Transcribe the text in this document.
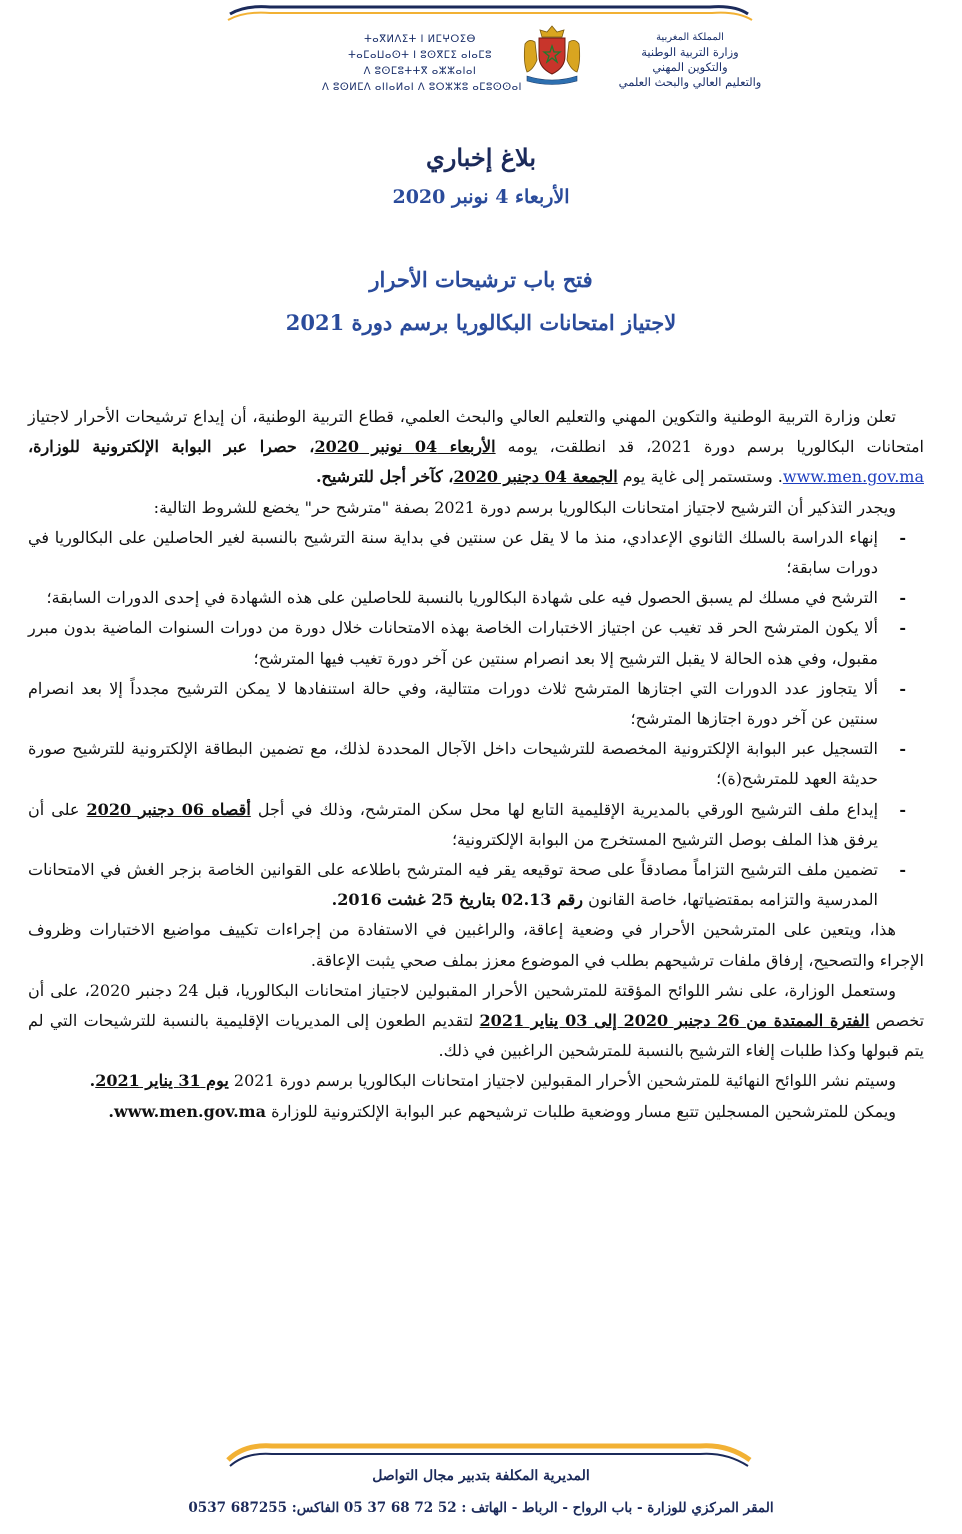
ⵜⴰⴳⵍⴷⵉⵜ ⵏ ⵍⵎⵖⵔⵉⴱ
ⵜⴰⵎⴰⵡⴰⵙⵜ ⵏ ⵓⵙⴳⵎⵉ ⴰⵏⴰⵎⵓ
ⴷ ⵓⵙⵎⵓⵜⵜⴳ ⴰⵣⵣⴰⵏⴰⵏ
ⴷ ⵓⵙⵍⵎⴷ ⴰⵏⵏⴰⵍⴰⵏ ⴷ ⵓⵔⵣⵣⵓ ⴰⵎⵓⵙⵙⴰⵏ
المملكة المغربية
وزارة التربية الوطنية
والتكوين المهني
والتعليم العالي والبحث العلمي
بلاغ إخباري
الأربعاء 4 نونبر 2020
فتح باب ترشيحات الأحرار
لاجتياز امتحانات البكالوريا برسم دورة 2021

تعلن وزارة التربية الوطنية والتكوين المهني والتعليم العالي والبحث العلمي، قطاع التربية الوطنية، أن إيداع ترشيحات الأحرار لاجتياز امتحانات البكالوريا برسم دورة 2021، قد انطلقت، يومه الأربعاء 04 نونبر 2020، حصرا عبر البوابة الإلكترونية للوزارة، www.men.gov.ma. وستستمر إلى غاية يوم الجمعة 04 دجنبر 2020، كآخر أجل للترشيح.

ويجدر التذكير أن الترشيح لاجتياز امتحانات البكالوريا برسم دورة 2021 بصفة "مترشح حر" يخضع للشروط التالية:

- إنهاء الدراسة بالسلك الثانوي الإعدادي، منذ ما لا يقل عن سنتين في بداية سنة الترشيح بالنسبة لغير الحاصلين على البكالوريا في دورات سابقة؛
- الترشح في مسلك لم يسبق الحصول فيه على شهادة البكالوريا بالنسبة للحاصلين على هذه الشهادة في إحدى الدورات السابقة؛
- ألا يكون المترشح الحر قد تغيب عن اجتياز الاختبارات الخاصة بهذه الامتحانات خلال دورة من دورات السنوات الماضية بدون مبرر مقبول، وفي هذه الحالة لا يقبل الترشيح إلا بعد انصرام سنتين عن آخر دورة تغيب فيها المترشح؛
- ألا يتجاوز عدد الدورات التي اجتازها المترشح ثلاث دورات متتالية، وفي حالة استنفادها لا يمكن الترشيح مجدداً إلا بعد انصرام سنتين عن آخر دورة اجتازها المترشح؛
- التسجيل عبر البوابة الإلكترونية المخصصة للترشيحات داخل الآجال المحددة لذلك، مع تضمين البطاقة الإلكترونية للترشيح صورة حديثة العهد للمترشح(ة)؛
- إيداع ملف الترشيح الورقي بالمديرية الإقليمية التابع لها محل سكن المترشح، وذلك في أجل أقصاه 06 دجنبر 2020 على أن يرفق هذا الملف بوصل الترشيح المستخرج من البوابة الإلكترونية؛
- تضمين ملف الترشيح التزاماً مصادقاً على صحة توقيعه يقر فيه المترشح باطلاعه على القوانين الخاصة بزجر الغش في الامتحانات المدرسية والتزامه بمقتضياتها، خاصة القانون رقم 02.13 بتاريخ 25 غشت 2016.

هذا، ويتعين على المترشحين الأحرار في وضعية إعاقة، والراغبين في الاستفادة من إجراءات تكييف مواضيع الاختبارات وظروف الإجراء والتصحيح، إرفاق ملفات ترشيحهم بطلب في الموضوع معزز بملف صحي يثبت الإعاقة.

وستعمل الوزارة، على نشر اللوائح المؤقتة للمترشحين الأحرار المقبولين لاجتياز امتحانات البكالوريا، قبل 24 دجنبر 2020، على أن تخصص الفترة الممتدة من 26 دجنبر 2020 إلى 03 يناير 2021 لتقديم الطعون إلى المديريات الإقليمية بالنسبة للترشيحات التي لم يتم قبولها وكذا طلبات إلغاء الترشيح بالنسبة للمترشحين الراغبين في ذلك.

وسيتم نشر اللوائح النهائية للمترشحين الأحرار المقبولين لاجتياز امتحانات البكالوريا برسم دورة 2021 يوم 31 يناير 2021.

ويمكن للمترشحين المسجلين تتبع مسار ووضعية طلبات ترشيحهم عبر البوابة الإلكترونية للوزارة www.men.gov.ma.

المديرية المكلفة بتدبير مجال التواصل
المقر المركزي للوزارة - باب الرواح - الرباط - الهاتف : 52 72 68 37 05 الفاكس: 687255 0537
